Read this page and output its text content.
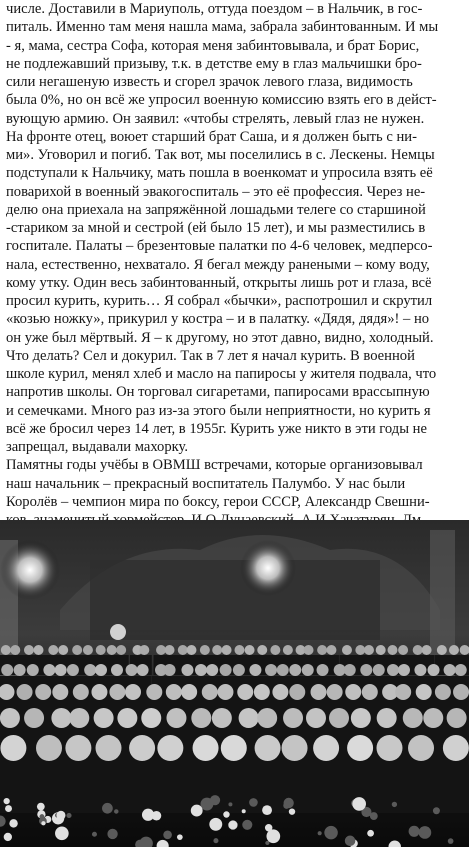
числе. Доставили в Мариуполь, оттуда поездом – в Нальчик, в гос-
питаль. Именно там меня нашла мама, забрала забинтованным. И мы
- я, мама, сестра Софа, которая меня забинтовывала, и брат Борис,
не подлежавший призыву, т.к. в детстве ему в глаз мальчишки бро-
сили негашеную известь и сгорел зрачок левого глаза, видимость
была 0%, но он всё же упросил военную комиссию взять его в дейст-
вующую армию. Он заявил: «чтобы стрелять, левый глаз не нужен.
На фронте отец, воюет старший брат Саша, и я должен быть с ни-
ми». Уговорил и погиб. Так вот, мы поселились в с. Лескены. Немцы
подступали к Нальчику, мать пошла в военкомат и упросила взять её
поварихой в военный эвакогоспиталь – это её профессия. Через не-
делю она приехала на запряжённой лошадьми телеге со старшиной
-стариком за мной и сестрой (ей было 15 лет), и мы разместились в
госпитале. Палаты – брезентовые палатки по 4-6 человек, медперсо-
нала, естественно, нехватало. Я бегал между ранеными – кому воду,
кому утку. Один весь забинтованный, открыты лишь рот и глаза, всё
просил курить, курить… Я собрал «бычки», распотрошил и скрутил
«козью ножку», прикурил у костра – и в палатку. «Дядя, дядя»! – но
он уже был мёртвый. Я – к другому, но этот давно, видно, холодный.
Что делать? Сел и докурил. Так в 7 лет я начал курить. В военной
школе курил, менял хлеб и масло на папиросы у жителя подвала, что
напротив школы. Он торговал сигаретами, папиросами врассыпную
и семечками. Много раз из-за этого были неприятности, но курить я
всё же бросил через 14 лет, в 1955г. Курить уже никто в эти годы не
запрещал, выдавали махорку.
Памятны годы учёбы в ОВМШ встречами, которые организовывал
наш начальник – прекрасный воспитатель Палумбо. У нас были
Королёв – чемпион мира по боксу, герои СССР, Александр Свешни-
